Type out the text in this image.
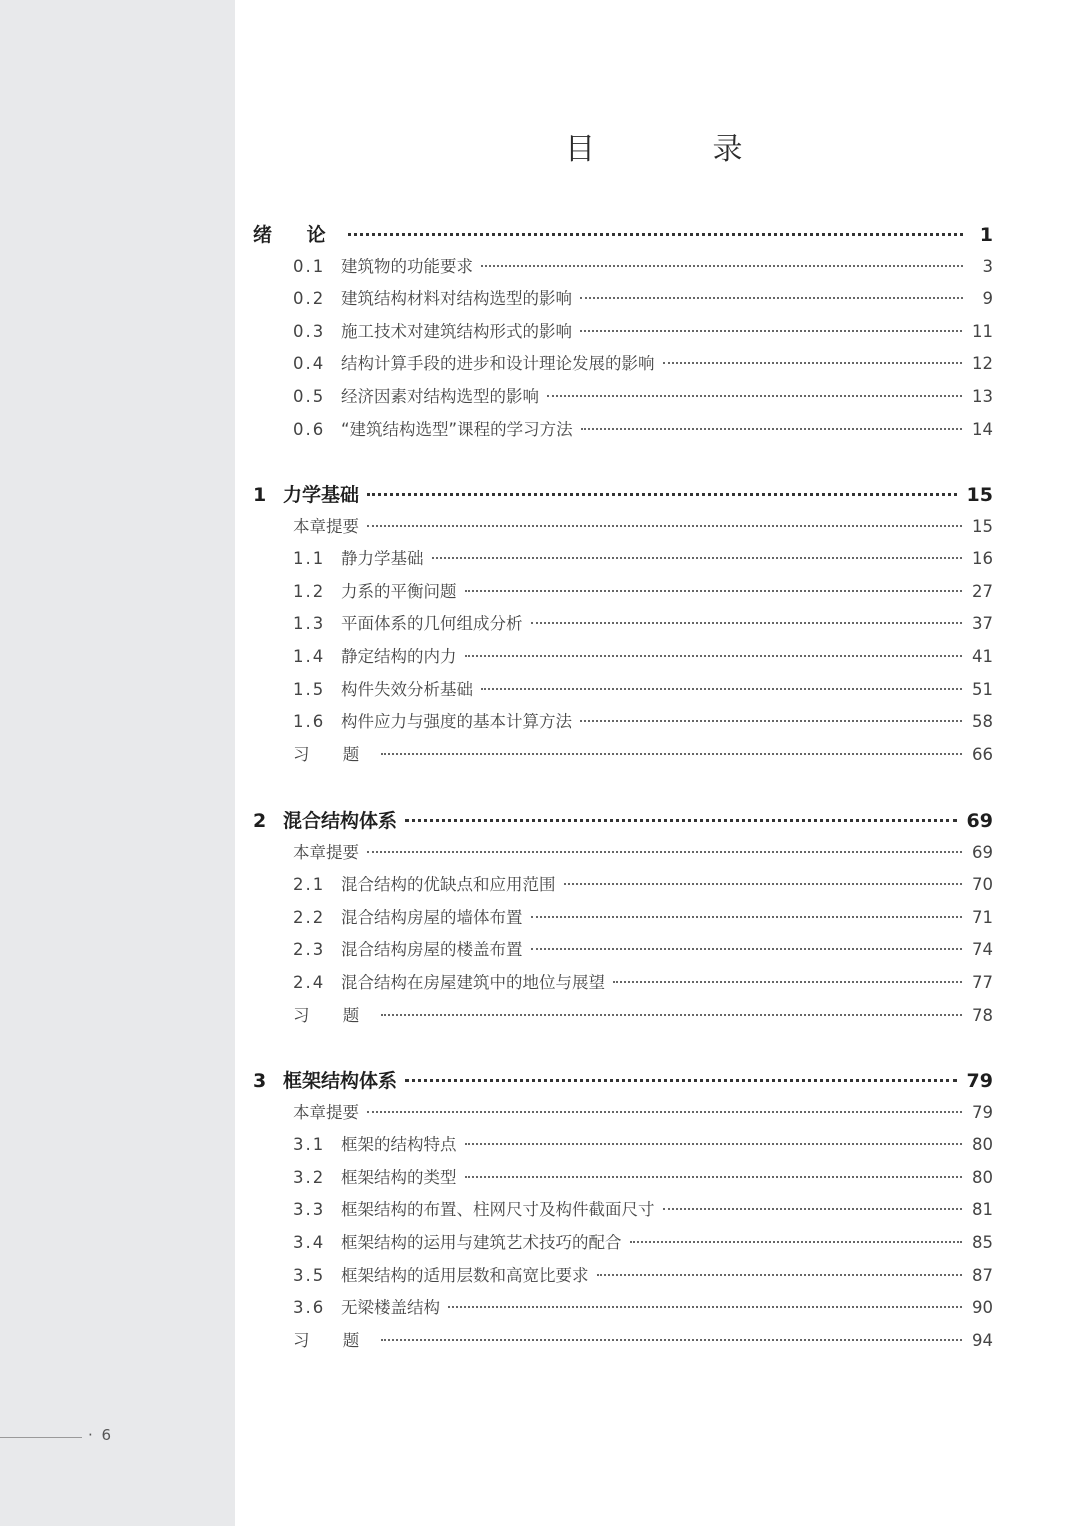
· 6
目 录
绪 论	1
0.1 建筑物的功能要求	3
0.2 建筑结构材料对结构选型的影响	9
0.3 施工技术对建筑结构形式的影响	11
0.4 结构计算手段的进步和设计理论发展的影响	12
0.5 经济因素对结构选型的影响	13
0.6 “建筑结构选型”课程的学习方法	14
1 力学基础	15
本章提要	15
1.1 静力学基础	16
1.2 力系的平衡问题	27
1.3 平面体系的几何组成分析	37
1.4 静定结构的内力	41
1.5 构件失效分析基础	51
1.6 构件应力与强度的基本计算方法	58
习 题	66
2 混合结构体系	69
本章提要	69
2.1 混合结构的优缺点和应用范围	70
2.2 混合结构房屋的墙体布置	71
2.3 混合结构房屋的楼盖布置	74
2.4 混合结构在房屋建筑中的地位与展望	77
习 题	78
3 框架结构体系	79
本章提要	79
3.1 框架的结构特点	80
3.2 框架结构的类型	80
3.3 框架结构的布置、柱网尺寸及构件截面尺寸	81
3.4 框架结构的运用与建筑艺术技巧的配合	85
3.5 框架结构的适用层数和高宽比要求	87
3.6 无梁楼盖结构	90
习 题	94
